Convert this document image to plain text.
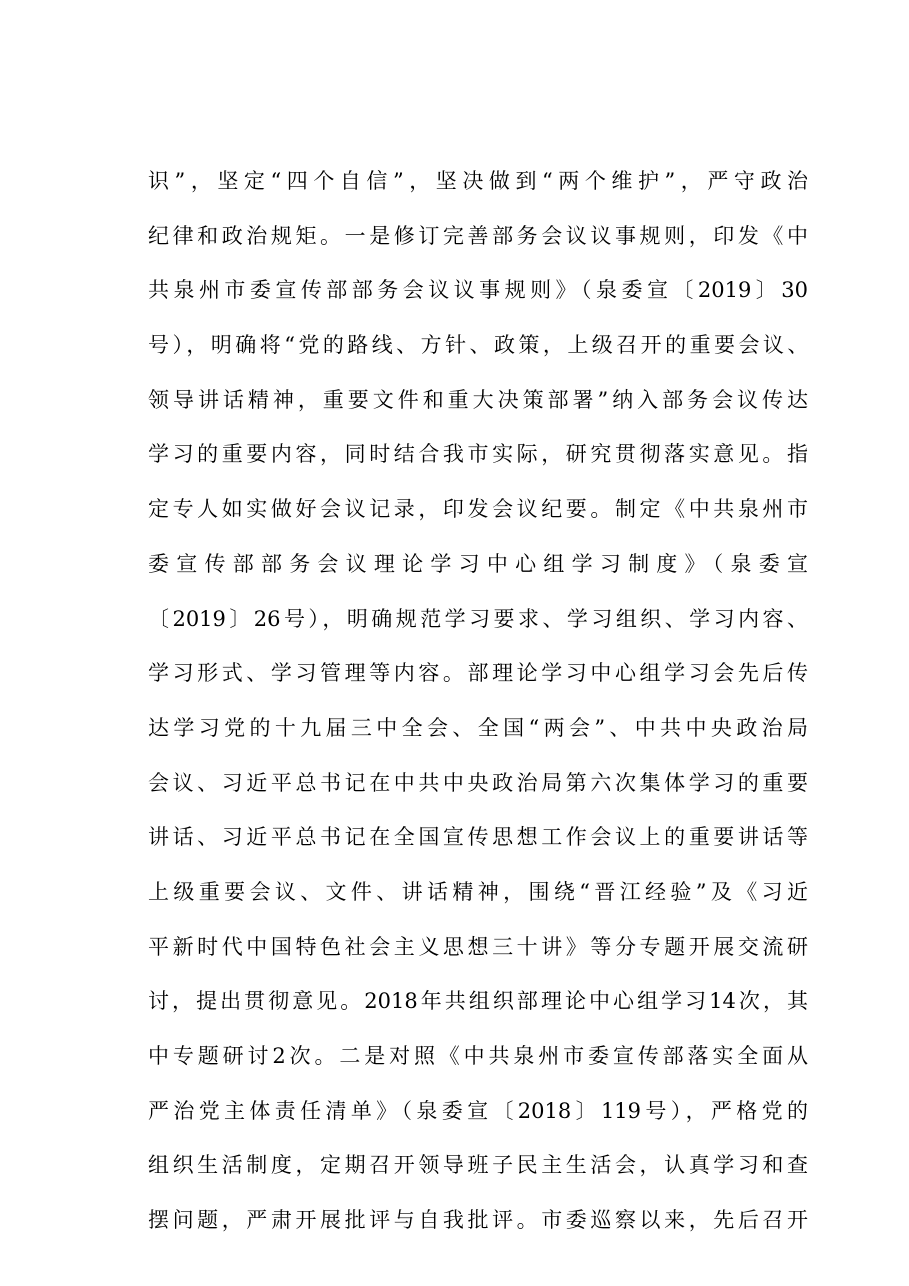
识”，坚定“四个自信”，坚决做到“两个维护”，严守政治
纪律和政治规矩。一是修订完善部务会议议事规则，印发《中
共泉州市委宣传部部务会议议事规则》（泉委宣〔2019〕30
号），明确将“党的路线、方针、政策，上级召开的重要会议、
领导讲话精神，重要文件和重大决策部署”纳入部务会议传达
学习的重要内容，同时结合我市实际，研究贯彻落实意见。指
定专人如实做好会议记录，印发会议纪要。制定《中共泉州市
委宣传部部务会议理论学习中心组学习制度》（泉委宣
〔2019〕26号），明确规范学习要求、学习组织、学习内容、
学习形式、学习管理等内容。部理论学习中心组学习会先后传
达学习党的十九届三中全会、全国“两会”、中共中央政治局
会议、习近平总书记在中共中央政治局第六次集体学习的重要
讲话、习近平总书记在全国宣传思想工作会议上的重要讲话等
上级重要会议、文件、讲话精神，围绕“晋江经验”及《习近
平新时代中国特色社会主义思想三十讲》等分专题开展交流研
讨，提出贯彻意见。2018年共组织部理论中心组学习14次，其
中专题研讨2次。二是对照《中共泉州市委宣传部落实全面从
严治党主体责任清单》（泉委宣〔2018〕119号），严格党的
组织生活制度，定期召开领导班子民主生活会，认真学习和查
摆问题，严肃开展批评与自我批评。市委巡察以来，先后召开
